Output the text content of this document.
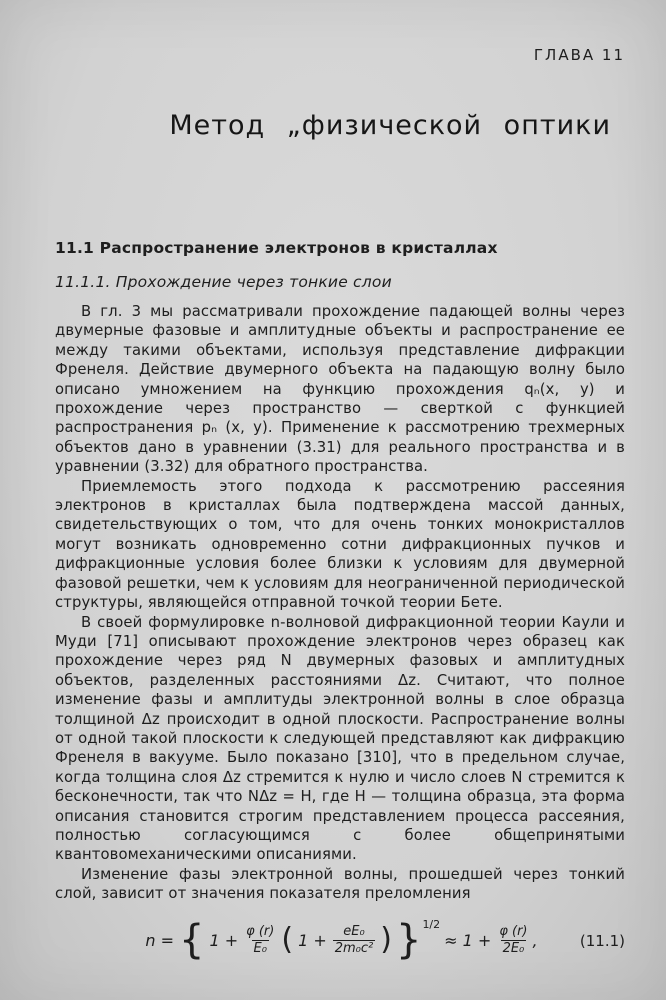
ГЛАВА 11
Метод „физической оптики
11.1 Распространение электронов в кристаллах
11.1.1. Прохождение через тонкие слои

В гл. 3 мы рассматривали прохождение падающей волны через двумерные фазовые и амплитудные объекты и распространение ее между такими объектами, используя представление дифракции Френеля. Действие двумерного объекта на падающую волну было описано умножением на функцию прохождения qₙ(x, y) и прохождение через пространство — сверткой с функцией распространения pₙ (x, y). Применение к рассмотрению трехмерных объектов дано в уравнении (3.31) для реального пространства и в уравнении (3.32) для обратного пространства.

Приемлемость этого подхода к рассмотрению рассеяния электронов в кристаллах была подтверждена массой данных, свидетельствующих о том, что для очень тонких монокристаллов могут возникать одновременно сотни дифракционных пучков и дифракционные условия более близки к условиям для двумерной фазовой решетки, чем к условиям для неограниченной периодической структуры, являющейся отправной точкой теории Бете.

В своей формулировке n-волновой дифракционной теории Каули и Муди [71] описывают прохождение электронов через образец как прохождение через ряд N двумерных фазовых и амплитудных объектов, разделенных расстояниями Δz. Считают, что полное изменение фазы и амплитуды электронной волны в слое образца толщиной Δz происходит в одной плоскости. Распространение волны от одной такой плоскости к следующей представляют как дифракцию Френеля в вакууме. Было показано [310], что в предельном случае, когда толщина слоя Δz стремится к нулю и число слоев N стремится к бесконечности, так что NΔz = H, где H — толщина образца, эта форма описания становится строгим представлением процесса рассеяния, полностью согласующимся с более общепринятыми квантовомеханическими описаниями.

Изменение фазы электронной волны, прошедшей через тонкий слой, зависит от значения показателя преломления

n = { $1 + \frac{\varphi (r)}{\text{E₀}}$ ( $1 + \frac{\text{eE₀}}{\text{2m₀c²}}$ ) } 1/2
≈ $1 + \frac{\varphi (r)}{\text{2E₀}}$ ,	(11.1)
